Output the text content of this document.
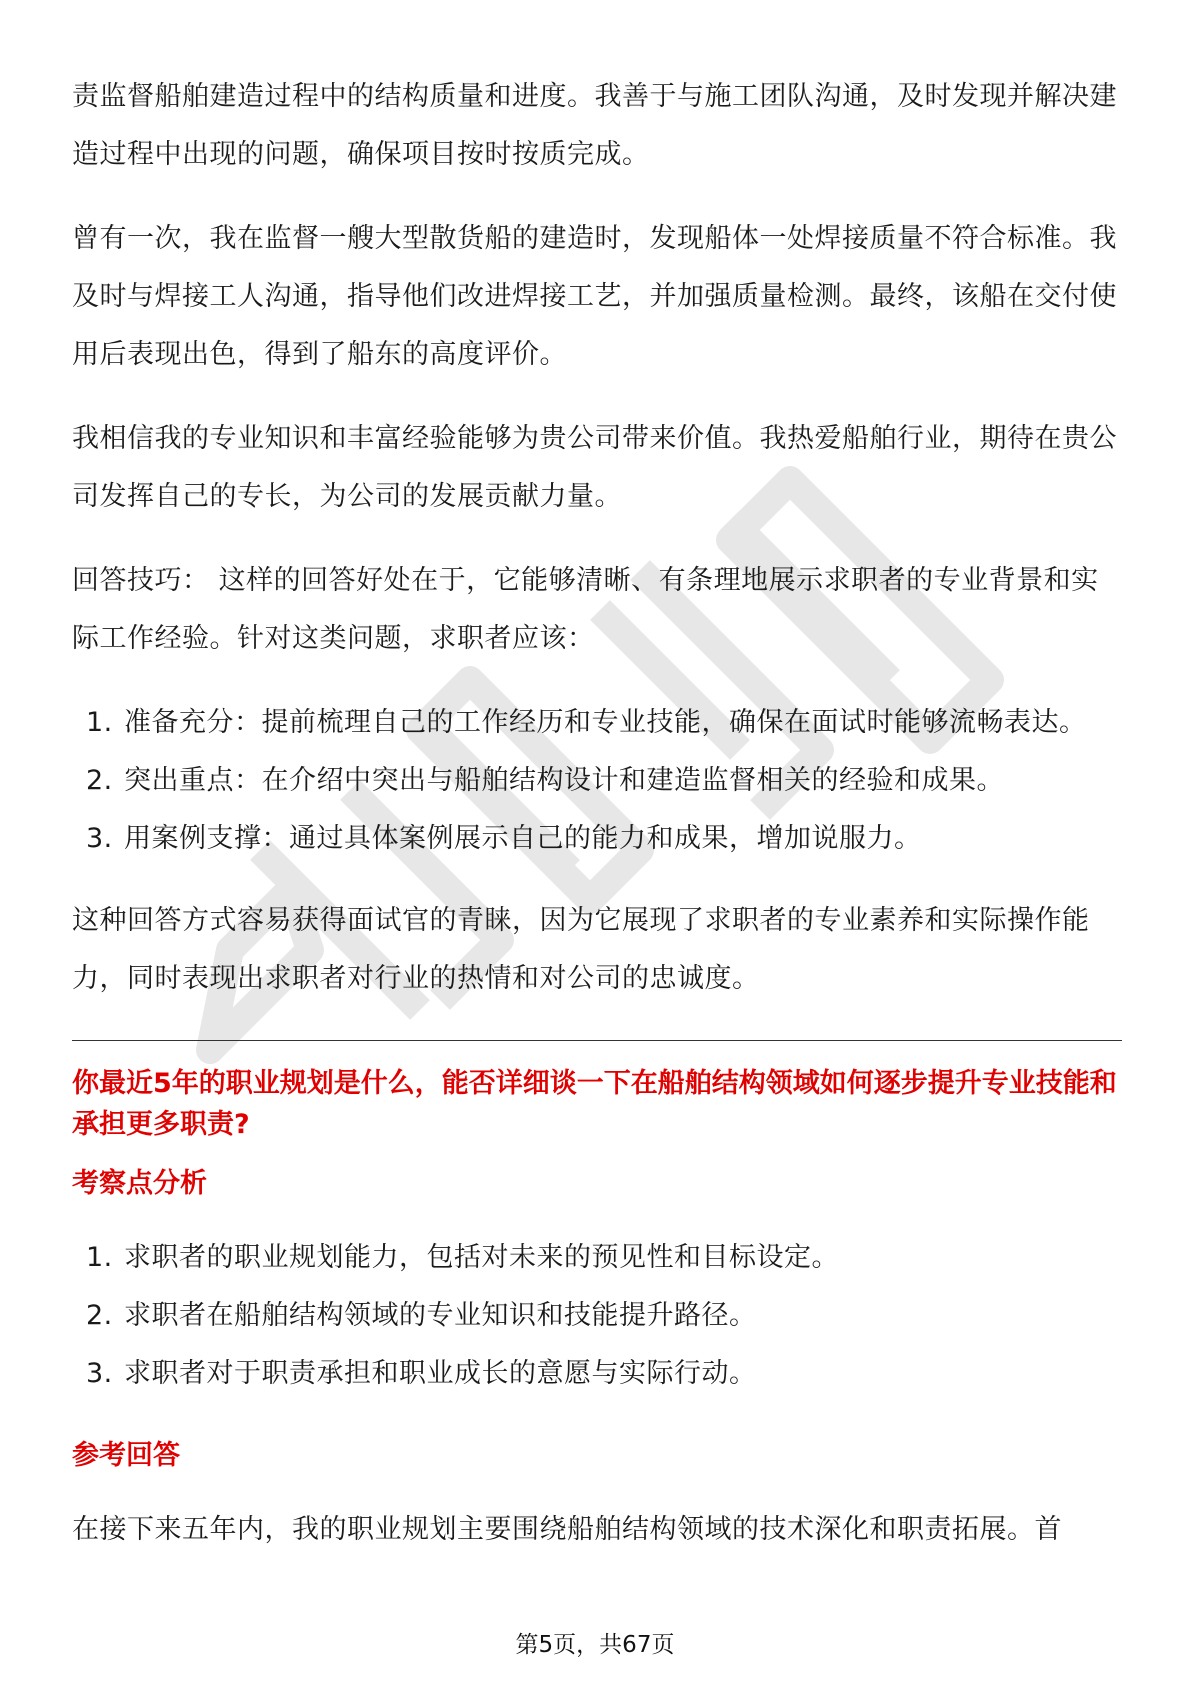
责监督船舶建造过程中的结构质量和进度。我善于与施工团队沟通，及时发现并解决建造过程中出现的问题，确保项目按时按质完成。

曾有一次，我在监督一艘大型散货船的建造时，发现船体一处焊接质量不符合标准。我及时与焊接工人沟通，指导他们改进焊接工艺，并加强质量检测。最终，该船在交付使用后表现出色，得到了船东的高度评价。

我相信我的专业知识和丰富经验能够为贵公司带来价值。我热爱船舶行业，期待在贵公司发挥自己的专长，为公司的发展贡献力量。

回答技巧： 这样的回答好处在于，它能够清晰、有条理地展示求职者的专业背景和实际工作经验。针对这类问题，求职者应该：

1. 准备充分：提前梳理自己的工作经历和专业技能，确保在面试时能够流畅表达。
2. 突出重点：在介绍中突出与船舶结构设计和建造监督相关的经验和成果。
3. 用案例支撑：通过具体案例展示自己的能力和成果，增加说服力。

这种回答方式容易获得面试官的青睐，因为它展现了求职者的专业素养和实际操作能力，同时表现出求职者对行业的热情和对公司的忠诚度。

你最近5年的职业规划是什么，能否详细谈一下在船舶结构领域如何逐步提升专业技能和承担更多职责?
考察点分析
1. 求职者的职业规划能力，包括对未来的预见性和目标设定。
2. 求职者在船舶结构领域的专业知识和技能提升路径。
3. 求职者对于职责承担和职业成长的意愿与实际行动。
参考回答

在接下来五年内，我的职业规划主要围绕船舶结构领域的技术深化和职责拓展。首

第5页，共67页
